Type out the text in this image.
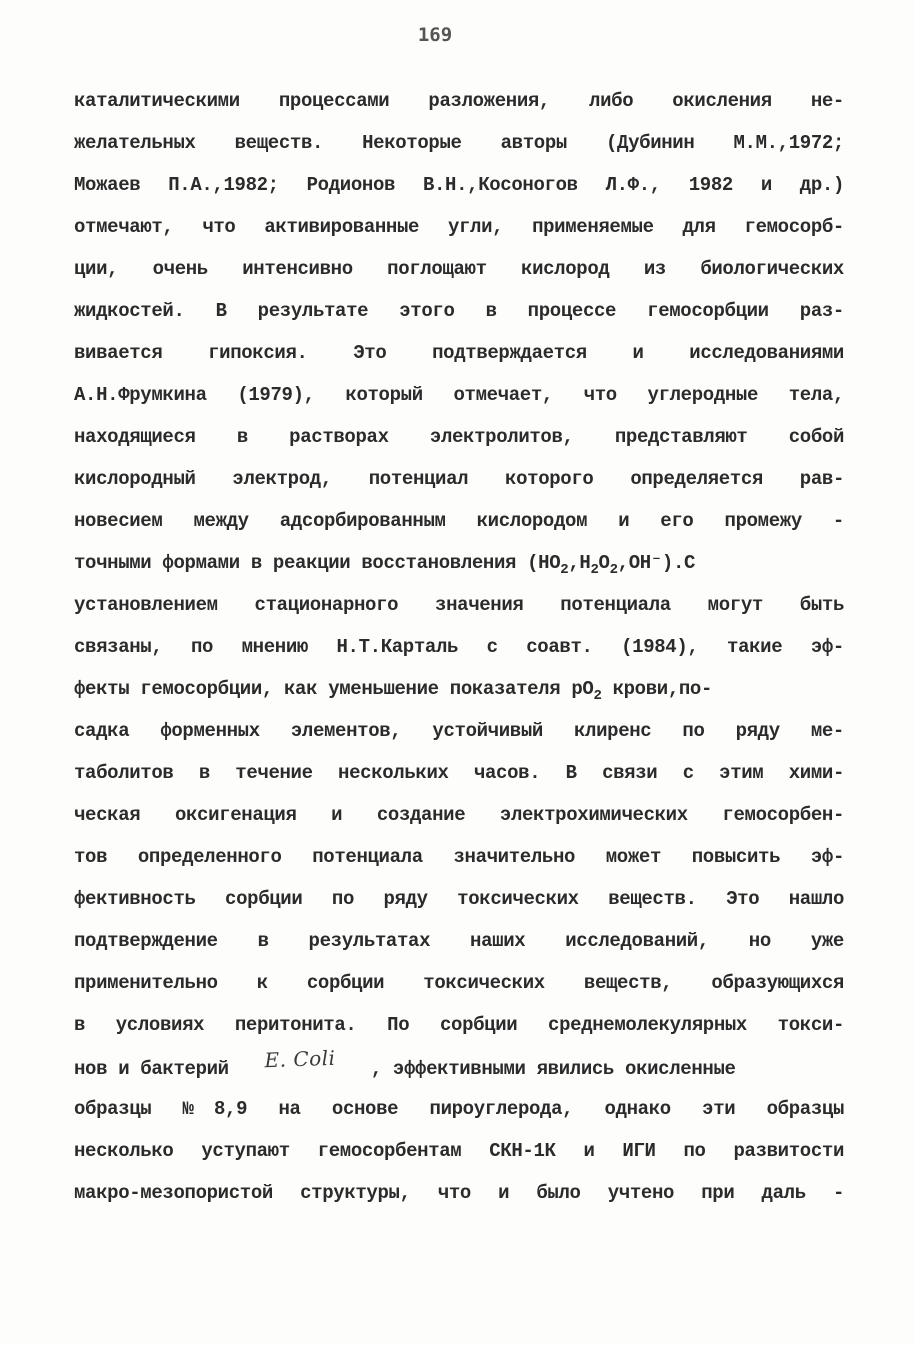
169
каталитическими процессами разложения, либо окисления не-
желательных веществ. Некоторые авторы (Дубинин М.М.,1972;
Можаев П.А.,1982; Родионов В.Н.,Косоногов Л.Ф., 1982 и др.)
отмечают, что активированные угли, применяемые для гемосорб-
ции, очень интенсивно поглощают кислород из биологических
жидкостей. В результате этого в процессе гемосорбции раз-
вивается гипоксия. Это подтверждается и исследованиями
А.Н.Фрумкина (1979), который отмечает, что углеродные тела,
находящиеся в растворах электролитов, представляют собой
кислородный электрод, потенциал которого определяется рав-
новесием между адсорбированным кислородом и его промежу -
точными формами в реакции восстановления $(НО_2,Н_2О_2,ОН^-).С$
установлением стационарного значения потенциала могут быть
связаны, по мнению Н.Т.Карталь с соавт. (1984), такие эф-
фекты гемосорбции, как уменьшение показателя $рО_2$ крови,по-
садка форменных элементов, устойчивый клиренс по ряду ме-
таболитов в течение нескольких часов. В связи с этим хими-
ческая оксигенация и создание электрохимических гемосорбен-
тов определенного потенциала значительно может повысить эф-
фективность сорбции по ряду токсических веществ. Это нашло
подтверждение в результатах наших исследований, но уже
применительно к сорбции токсических веществ, образующихся
в условиях перитонита. По сорбции среднемолекулярных токси-
нов и бактерий E. Coli , эффективными явились окисленные
образцы №8,9 на основе пироуглерода, однако эти образцы
несколько уступают гемосорбентам СКН-1К и ИГИ по развитости
макро-мезопористой структуры, что и было учтено при даль -
